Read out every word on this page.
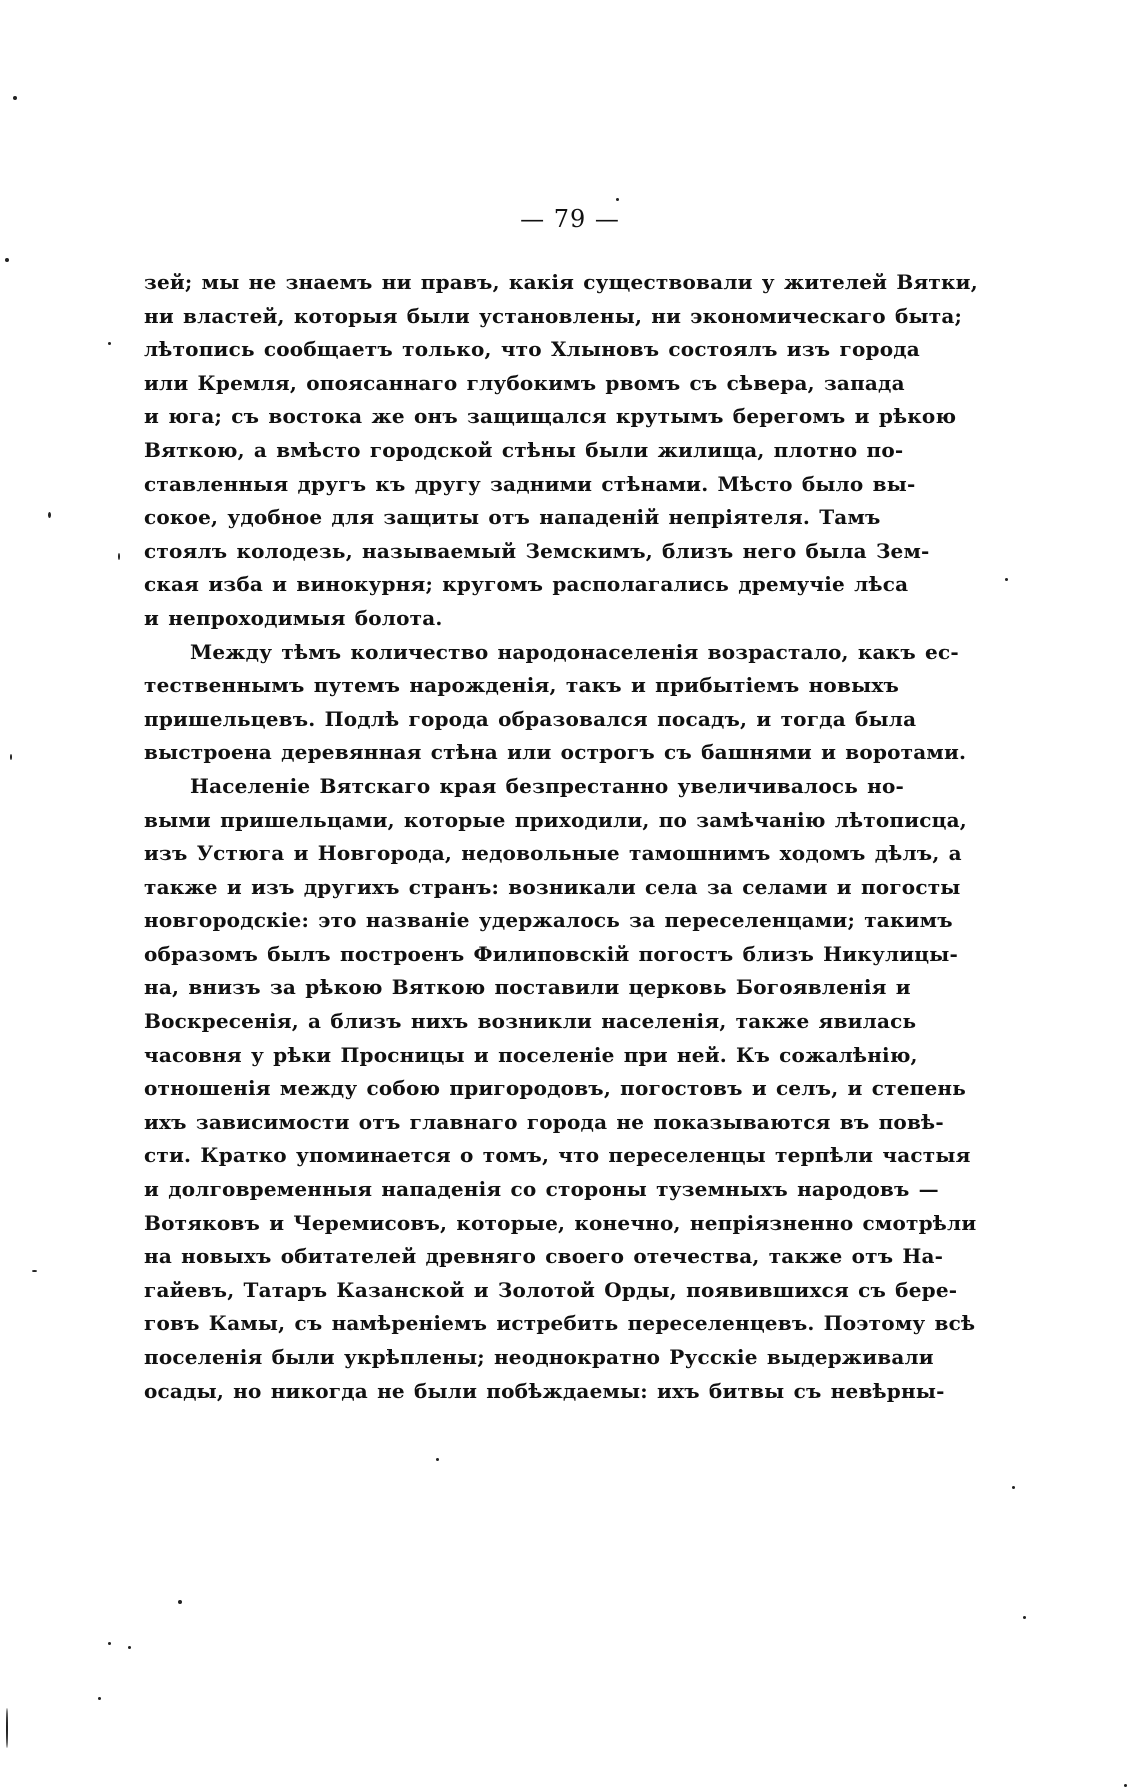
— 79 —
зей; мы не знаемъ ни правъ, какія существовали у жителей Вятки,
ни властей, которыя были установлены, ни экономическаго быта;
лѣтопись сообщаетъ только, что Хлыновъ состоялъ изъ города
или Кремля, опоясаннаго глубокимъ рвомъ съ сѣвера, запада
и юга; съ востока же онъ защищался крутымъ берегомъ и рѣкою
Вяткою, а вмѣсто городской стѣны были жилища, плотно по-
ставленныя другъ къ другу задними стѣнами. Мѣсто было вы-
сокое, удобное для защиты отъ нападеній непріятеля. Тамъ
стоялъ колодезь, называемый Земскимъ, близъ него была Зем-
ская изба и винокурня; кругомъ располагались дремучіе лѣса
и непроходимыя болота.
Между тѣмъ количество народонаселенія возрастало, какъ ес-
тественнымъ путемъ нарожденія, такъ и прибытіемъ новыхъ
пришельцевъ. Подлѣ города образовался посадъ, и тогда была
выстроена деревянная стѣна или острогъ съ башнями и воротами.
Населеніе Вятскаго края безпрестанно увеличивалось но-
выми пришельцами, которые приходили, по замѣчанію лѣтописца,
изъ Устюга и Новгорода, недовольные тамошнимъ ходомъ дѣлъ, а
также и изъ другихъ странъ: возникали села за селами и погосты
новгородскіе: это названіе удержалось за переселенцами; такимъ
образомъ былъ построенъ Филиповскій погостъ близъ Никулицы-
на, внизъ за рѣкою Вяткою поставили церковь Богоявленія и
Воскресенія, а близъ нихъ возникли населенія, также явилась
часовня у рѣки Просницы и поселеніе при ней. Къ сожалѣнію,
отношенія между собою пригородовъ, погостовъ и селъ, и степень
ихъ зависимости отъ главнаго города не показываются въ повѣ-
сти. Кратко упоминается о томъ, что переселенцы терпѣли частыя
и долговременныя нападенія со стороны туземныхъ народовъ —
Вотяковъ и Черемисовъ, которые, конечно, непріязненно смотрѣли
на новыхъ обитателей древняго своего отечества, также отъ На-
гайевъ, Татаръ Казанской и Золотой Орды, появившихся съ бере-
говъ Камы, съ намѣреніемъ истребить переселенцевъ. Поэтому всѣ
поселенія были укрѣплены; неоднократно Русскіе выдерживали
осады, но никогда не были побѣждаемы: ихъ битвы съ невѣрны-
